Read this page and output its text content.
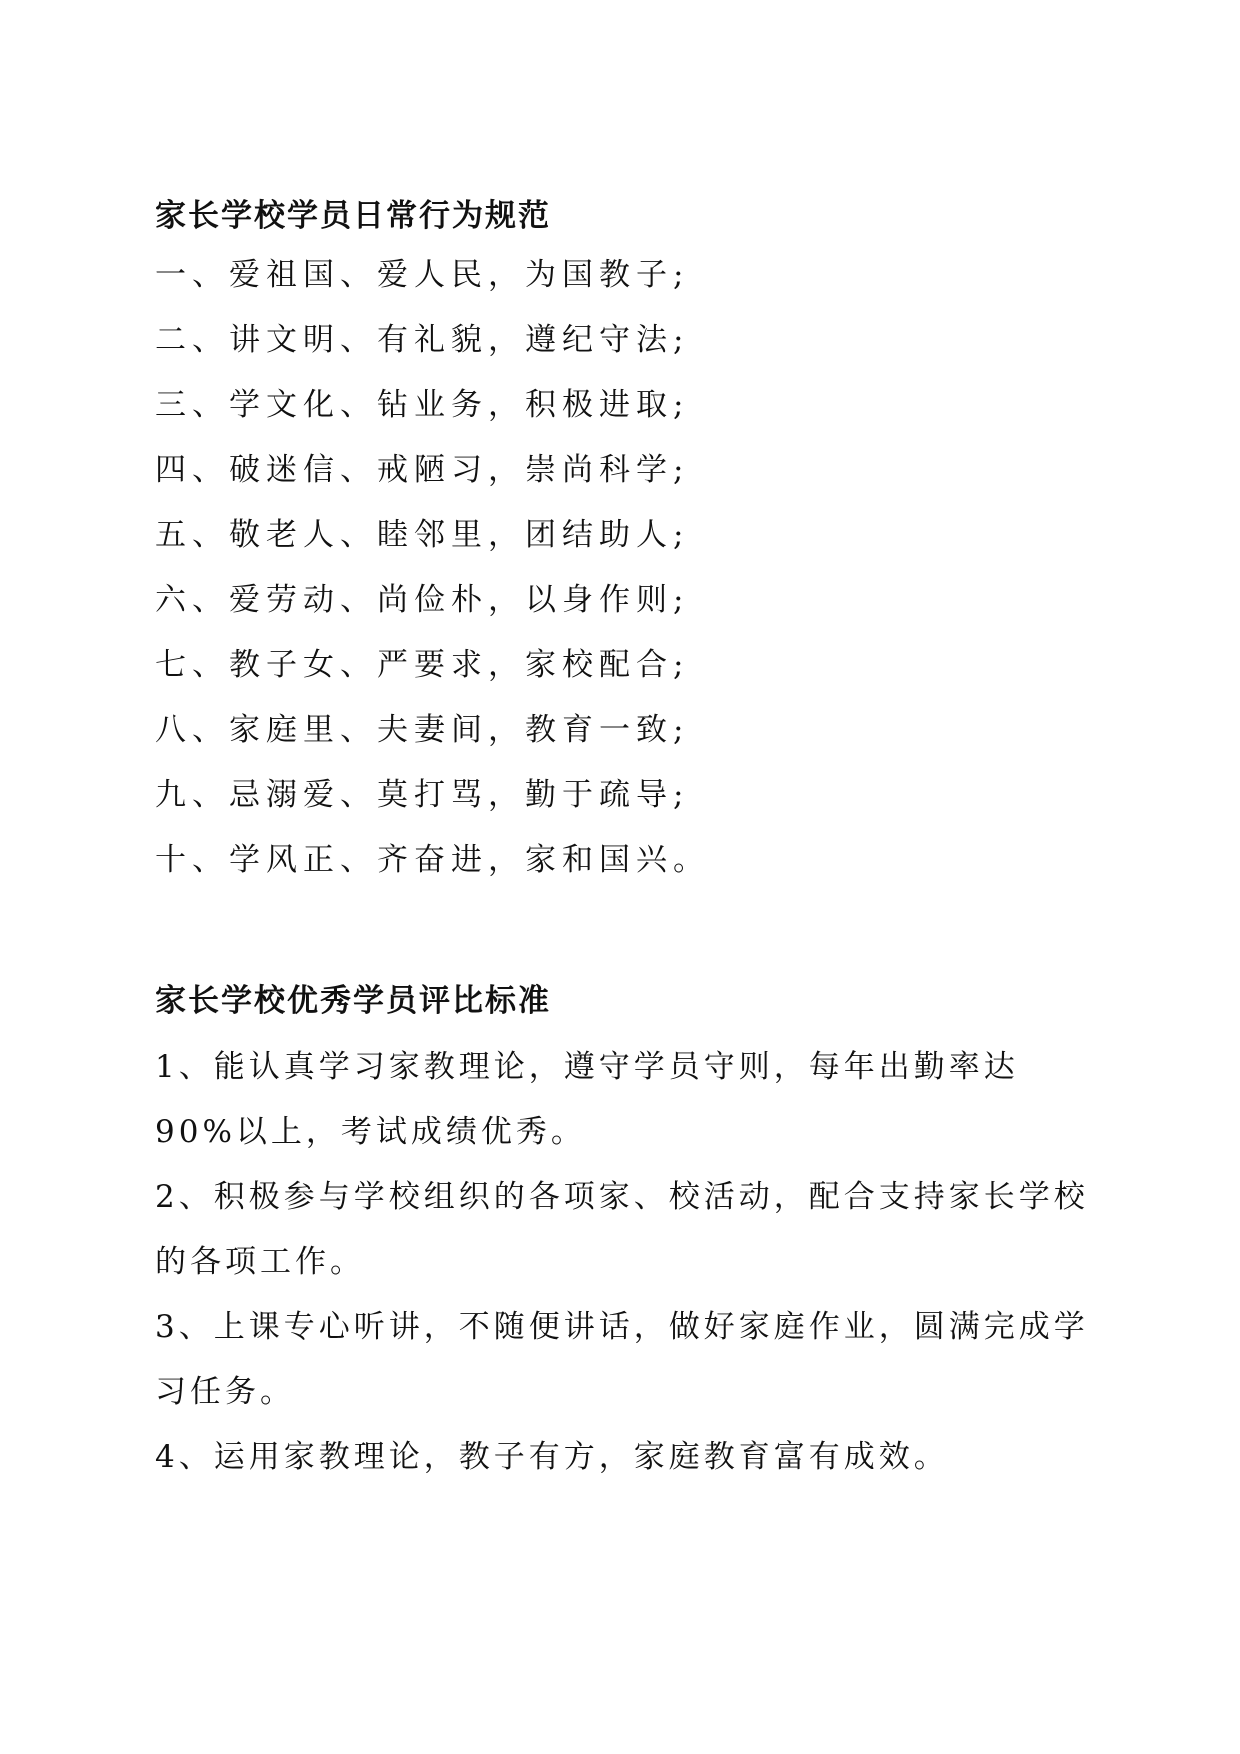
家长学校学员日常行为规范
一、爱祖国、爱人民，为国教子;
二、讲文明、有礼貌，遵纪守法;
三、学文化、钻业务，积极进取;
四、破迷信、戒陋习，崇尚科学;
五、敬老人、睦邻里，团结助人;
六、爱劳动、尚俭朴，以身作则;
七、教子女、严要求，家校配合;
八、家庭里、夫妻间，教育一致;
九、忌溺爱、莫打骂，勤于疏导;
十、学风正、齐奋进，家和国兴。
家长学校优秀学员评比标准
1、能认真学习家教理论，遵守学员守则，每年出勤率达 90%以上，考试成绩优秀。
2、积极参与学校组织的各项家、校活动，配合支持家长学校的各项工作。
3、上课专心听讲，不随便讲话，做好家庭作业，圆满完成学习任务。
4、运用家教理论，教子有方，家庭教育富有成效。
